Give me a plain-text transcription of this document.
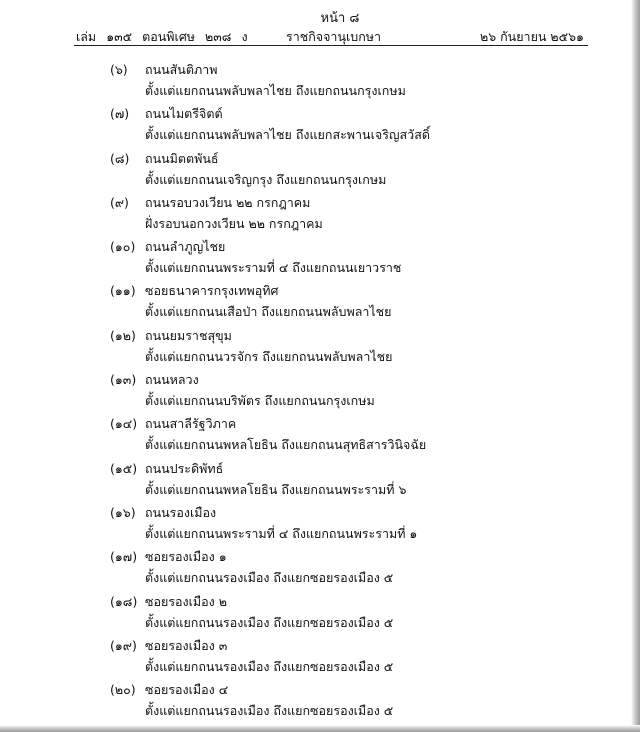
หน้า ๘
เล่ม ๑๓๕ ตอนพิเศษ ๒๓๘ ง	ราชกิจจานุเบกษา	๒๖ กันยายน ๒๕๖๑
(๖) ถนนสันติภาพ
ตั้งแต่แยกถนนพลับพลาไชย ถึงแยกถนนกรุงเกษม
(๗) ถนนไมตรีจิตต์
ตั้งแต่แยกถนนพลับพลาไชย ถึงแยกสะพานเจริญสวัสดิ์
(๘) ถนนมิตตพันธ์
ตั้งแต่แยกถนนเจริญกรุง ถึงแยกถนนกรุงเกษม
(๙) ถนนรอบวงเวียน ๒๒ กรกฎาคม
ฝั่งรอบนอกวงเวียน ๒๒ กรกฎาคม
(๑๐) ถนนลำภูญไชย
ตั้งแต่แยกถนนพระรามที่ ๔ ถึงแยกถนนเยาวราช
(๑๑) ซอยธนาคารกรุงเทพอุทิศ
ตั้งแต่แยกถนนเสือป่า ถึงแยกถนนพลับพลาไชย
(๑๒) ถนนยมราชสุขุม
ตั้งแต่แยกถนนวรจักร ถึงแยกถนนพลับพลาไชย
(๑๓) ถนนหลวง
ตั้งแต่แยกถนนบริพัตร ถึงแยกถนนกรุงเกษม
(๑๔) ถนนสาลีรัฐวิภาค
ตั้งแต่แยกถนนพหลโยธิน ถึงแยกถนนสุทธิสารวินิจฉัย
(๑๕) ถนนประดิพัทธ์
ตั้งแต่แยกถนนพหลโยธิน ถึงแยกถนนพระรามที่ ๖
(๑๖) ถนนรองเมือง
ตั้งแต่แยกถนนพระรามที่ ๔ ถึงแยกถนนพระรามที่ ๑
(๑๗) ซอยรองเมือง ๑
ตั้งแต่แยกถนนรองเมือง ถึงแยกซอยรองเมือง ๕
(๑๘) ซอยรองเมือง ๒
ตั้งแต่แยกถนนรองเมือง ถึงแยกซอยรองเมือง ๕
(๑๙) ซอยรองเมือง ๓
ตั้งแต่แยกถนนรองเมือง ถึงแยกซอยรองเมือง ๕
(๒๐) ซอยรองเมือง ๔
ตั้งแต่แยกถนนรองเมือง ถึงแยกซอยรองเมือง ๕
